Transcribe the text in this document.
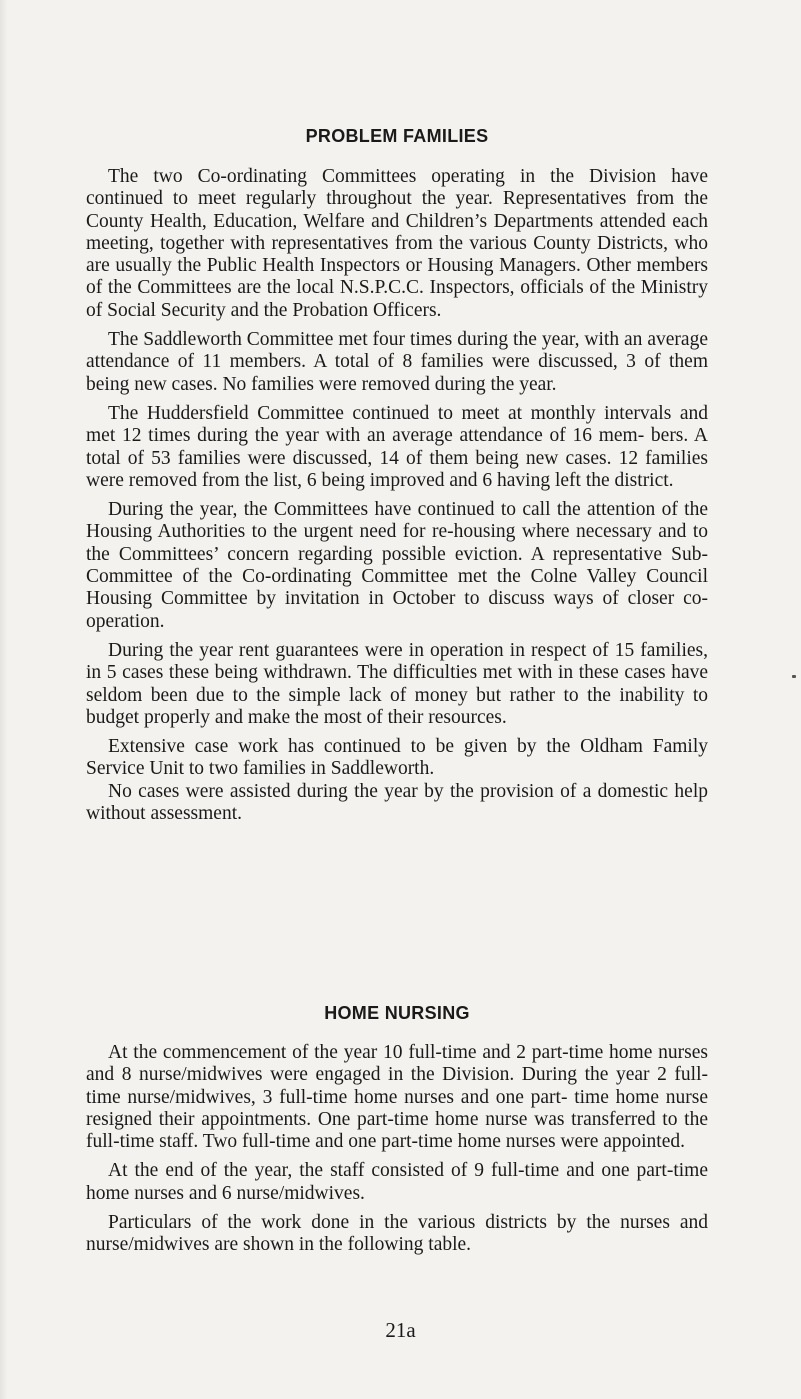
PROBLEM FAMILIES

The two Co-ordinating Committees operating in the Division have continued to meet regularly throughout the year. Representatives from the County Health, Education, Welfare and Children’s Departments attended each meeting, together with representatives from the various County Districts, who are usually the Public Health Inspectors or Housing Managers. Other members of the Committees are the local N.S.P.C.C. Inspectors, officials of the Ministry of Social Security and the Probation Officers.

The Saddleworth Committee met four times during the year, with an average attendance of 11 members. A total of 8 families were discussed, 3 of them being new cases. No families were removed during the year.

The Huddersfield Committee continued to meet at monthly intervals and met 12 times during the year with an average attendance of 16 mem- bers. A total of 53 families were discussed, 14 of them being new cases. 12 families were removed from the list, 6 being improved and 6 having left the district.

During the year, the Committees have continued to call the attention of the Housing Authorities to the urgent need for re-housing where necessary and to the Committees’ concern regarding possible eviction. A representative Sub-Committee of the Co-ordinating Committee met the Colne Valley Council Housing Committee by invitation in October to discuss ways of closer co-operation.

During the year rent guarantees were in operation in respect of 15 families, in 5 cases these being withdrawn. The difficulties met with in these cases have seldom been due to the simple lack of money but rather to the inability to budget properly and make the most of their resources.

Extensive case work has continued to be given by the Oldham Family Service Unit to two families in Saddleworth.

No cases were assisted during the year by the provision of a domestic help without assessment.

HOME NURSING

At the commencement of the year 10 full-time and 2 part-time home nurses and 8 nurse/midwives were engaged in the Division. During the year 2 full-time nurse/midwives, 3 full-time home nurses and one part- time home nurse resigned their appointments. One part-time home nurse was transferred to the full-time staff. Two full-time and one part-time home nurses were appointed.

At the end of the year, the staff consisted of 9 full-time and one part-time home nurses and 6 nurse/midwives.

Particulars of the work done in the various districts by the nurses and nurse/midwives are shown in the following table.

21a
